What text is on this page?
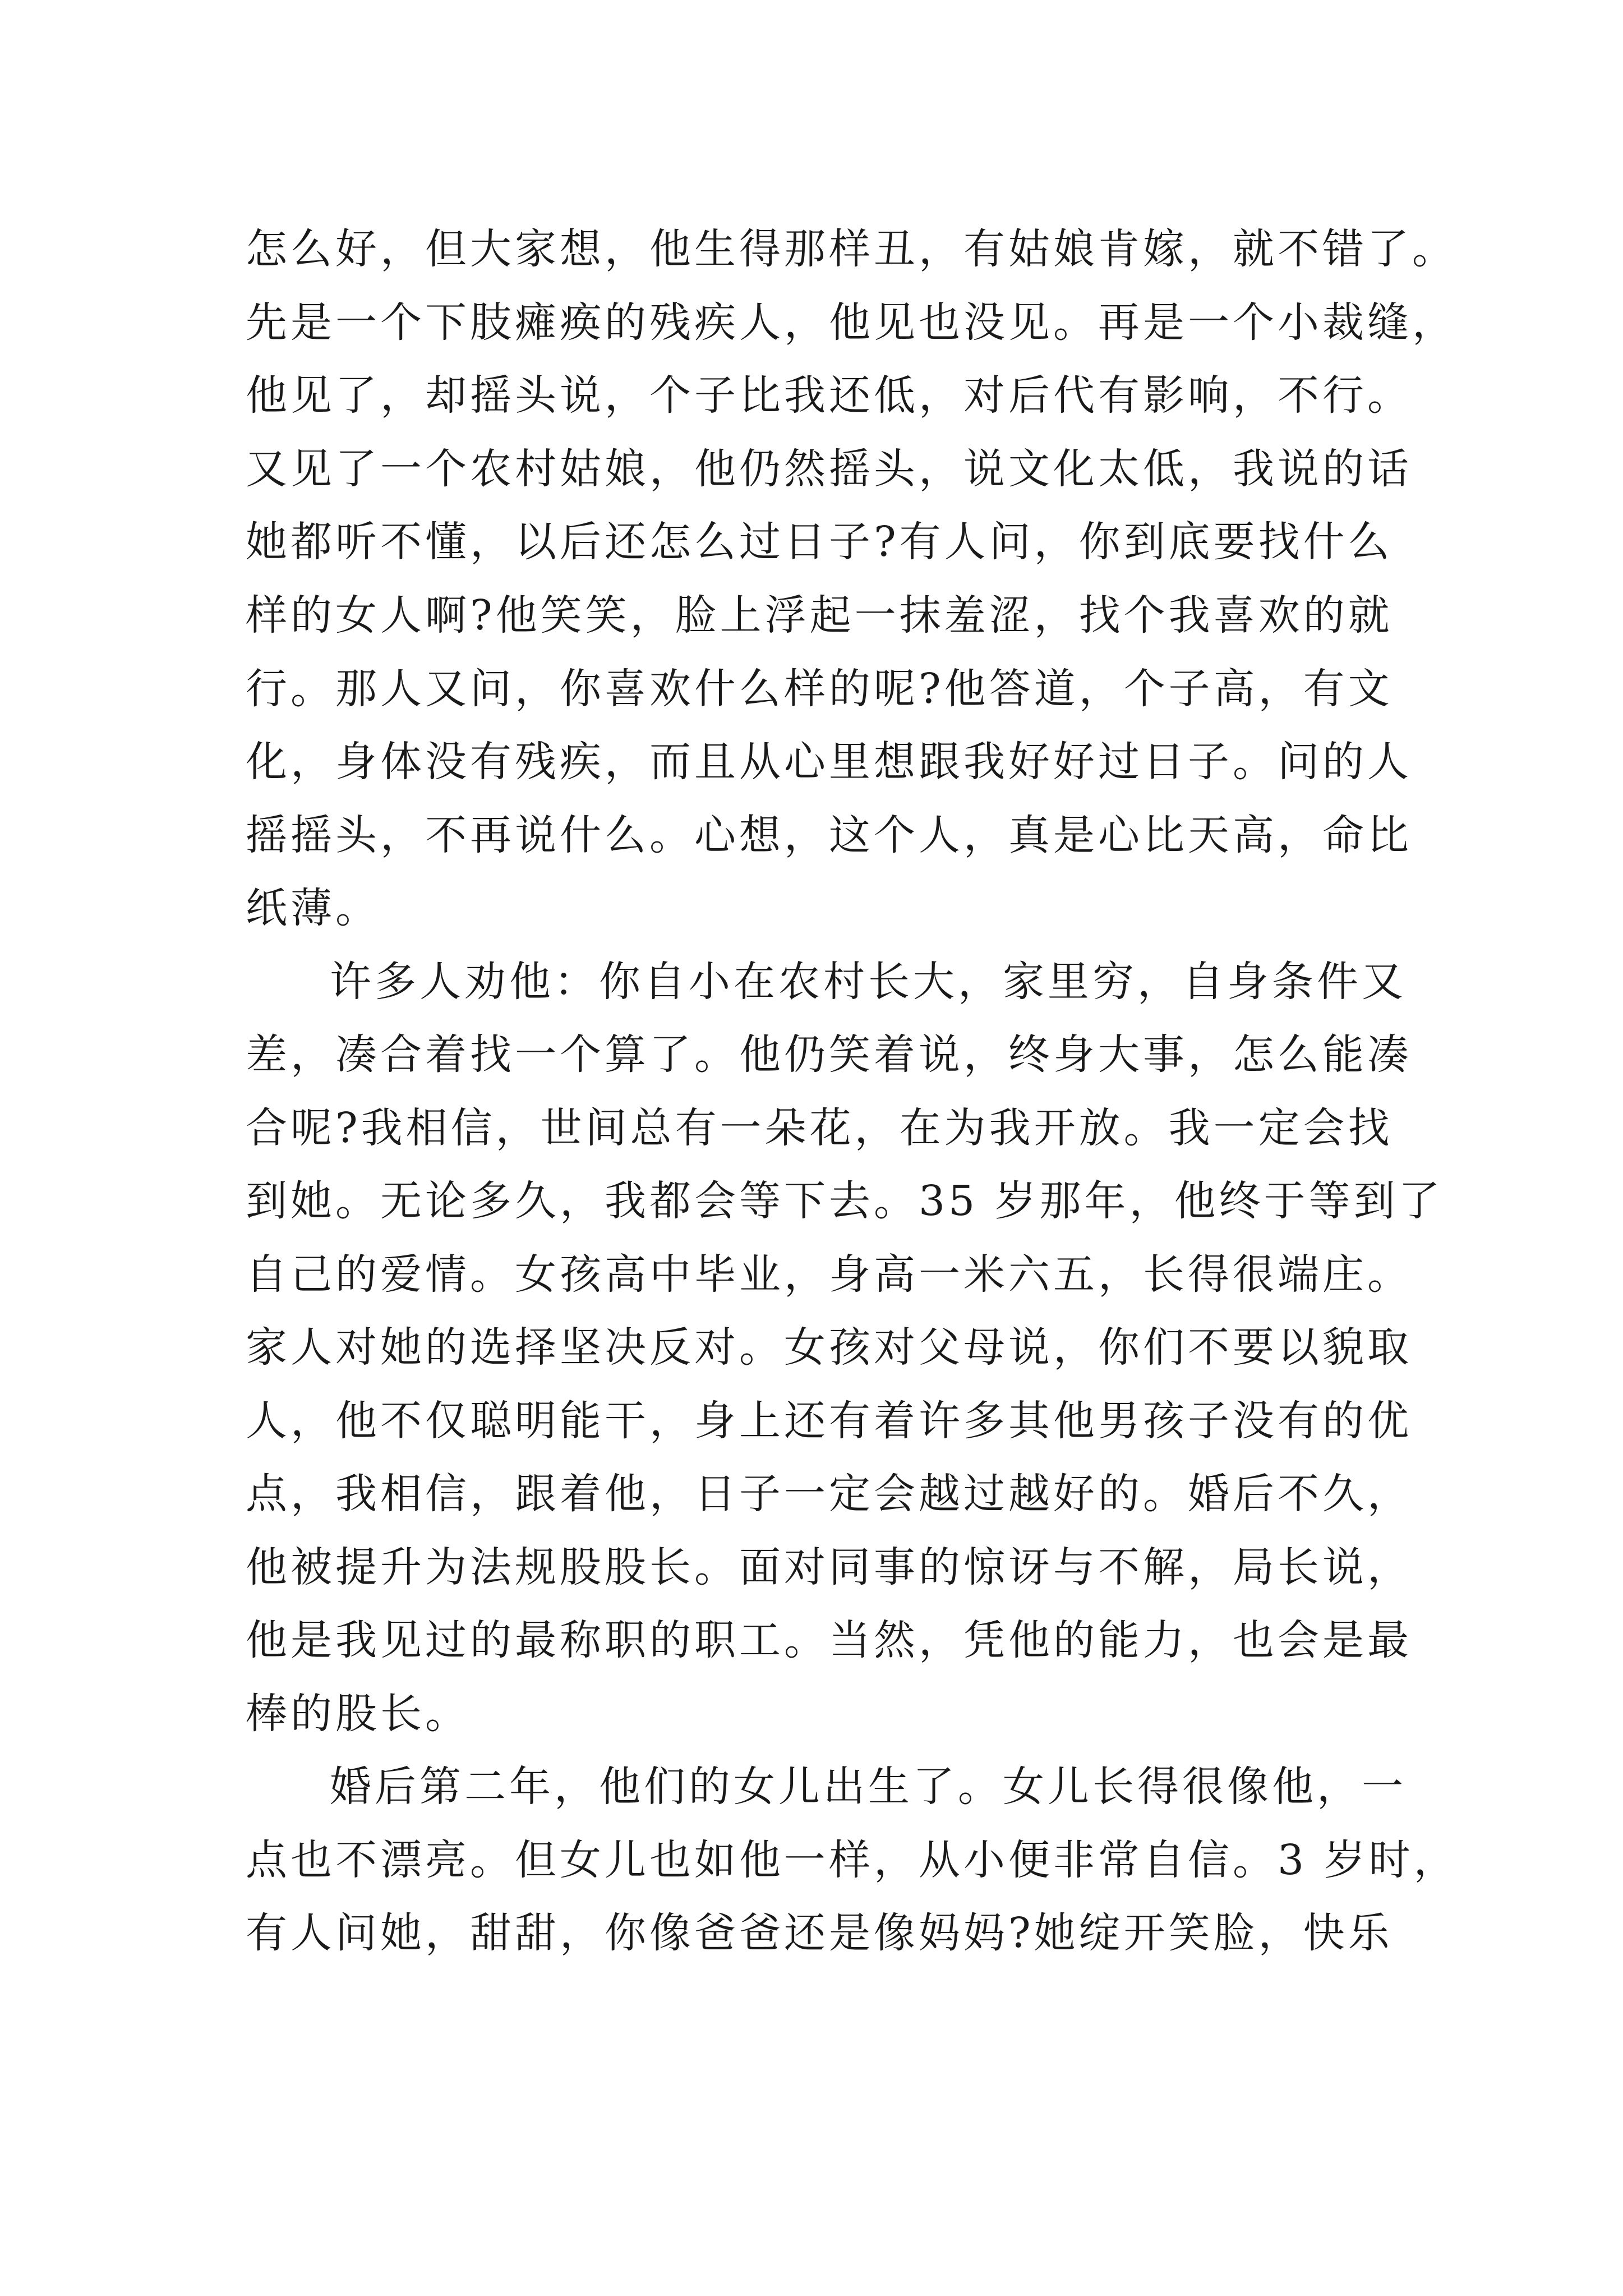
怎么好，但大家想，他生得那样丑，有姑娘肯嫁，就不错了。
先是一个下肢瘫痪的残疾人，他见也没见。再是一个小裁缝，
他见了，却摇头说，个子比我还低，对后代有影响，不行。
又见了一个农村姑娘，他仍然摇头，说文化太低，我说的话
她都听不懂，以后还怎么过日子?有人问，你到底要找什么
样的女人啊?他笑笑，脸上浮起一抹羞涩，找个我喜欢的就
行。那人又问，你喜欢什么样的呢?他答道，个子高，有文
化，身体没有残疾，而且从心里想跟我好好过日子。问的人
摇摇头，不再说什么。心想，这个人，真是心比天高，命比
纸薄。
许多人劝他：你自小在农村长大，家里穷，自身条件又
差，凑合着找一个算了。他仍笑着说，终身大事，怎么能凑
合呢?我相信，世间总有一朵花，在为我开放。我一定会找
到她。无论多久，我都会等下去。35 岁那年，他终于等到了
自己的爱情。女孩高中毕业，身高一米六五，长得很端庄。
家人对她的选择坚决反对。女孩对父母说，你们不要以貌取
人，他不仅聪明能干，身上还有着许多其他男孩子没有的优
点，我相信，跟着他，日子一定会越过越好的。婚后不久，
他被提升为法规股股长。面对同事的惊讶与不解，局长说，
他是我见过的最称职的职工。当然，凭他的能力，也会是最
棒的股长。
婚后第二年，他们的女儿出生了。女儿长得很像他，一
点也不漂亮。但女儿也如他一样，从小便非常自信。3 岁时，
有人问她，甜甜，你像爸爸还是像妈妈?她绽开笑脸，快乐
